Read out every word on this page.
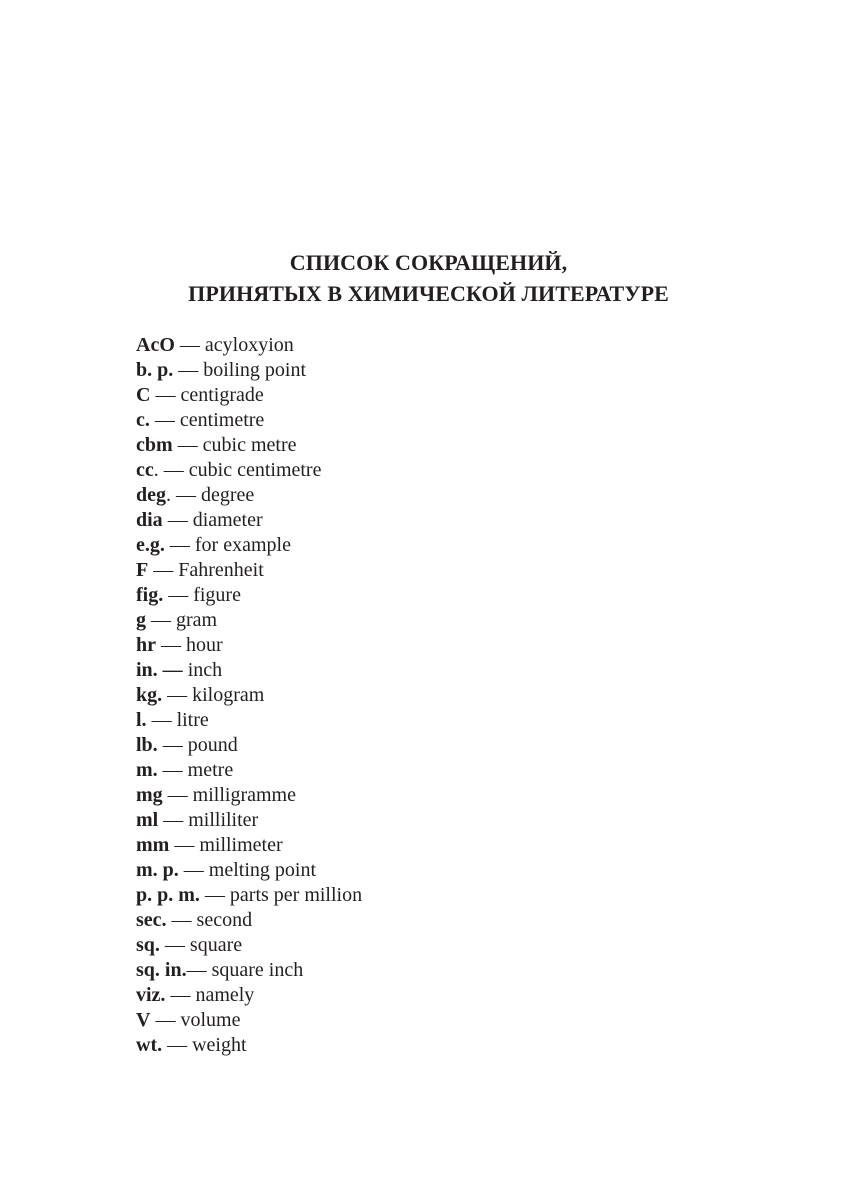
СПИСОК СОКРАЩЕНИЙ,
ПРИНЯТЫХ В ХИМИЧЕСКОЙ ЛИТЕРАТУРЕ
AcO — acyloxyion
b. p. — boiling point
C — centigrade
c. — centimetre
cbm — cubic metre
cc. — cubic centimetre
deg. — degree
dia — diameter
e.g. — for example
F — Fahrenheit
fig. — figure
g — gram
hr — hour
in. — inch
kg. — kilogram
l. — litre
lb. — pound
m. — metre
mg — milligramme
ml — milliliter
mm — millimeter
m. p. — melting point
p. p. m. — parts per million
sec. — second
sq. — square
sq. in.— square inch
viz. — namely
V — volume
wt. — weight
